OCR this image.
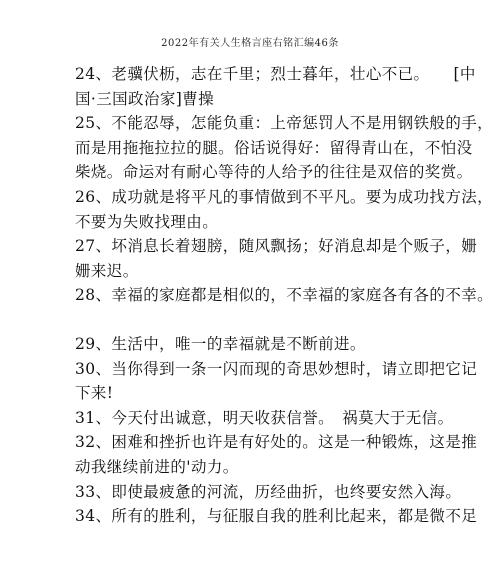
2022年有关人生格言座右铭汇编46条
24、老骥伏枥，志在千里；烈士暮年，壮心不已。　　[中
国·三国政治家]曹操
25、不能忍辱，怎能负重：上帝惩罚人不是用钢铁般的手，
而是用拖拖拉拉的腿。俗话说得好：留得青山在，不怕没
柴烧。命运对有耐心等待的人给予的往往是双倍的奖赏。
26、成功就是将平凡的事情做到不平凡。要为成功找方法，
不要为失败找理由。
27、坏消息长着翅膀，随风飘扬；好消息却是个贩子，姗
姗来迟。
28、幸福的家庭都是相似的，不幸福的家庭各有各的不幸。
29、生活中，唯一的幸福就是不断前进。
30、当你得到一条一闪而现的奇思妙想时，请立即把它记
下来!
31、今天付出诚意，明天收获信誉。　祸莫大于无信。
32、困难和挫折也许是有好处的。这是一种锻炼，这是推
动我继续前进的'动力。
33、即使最疲惫的河流，历经曲折，也终要安然入海。
34、所有的胜利，与征服自我的胜利比起来，都是微不足
